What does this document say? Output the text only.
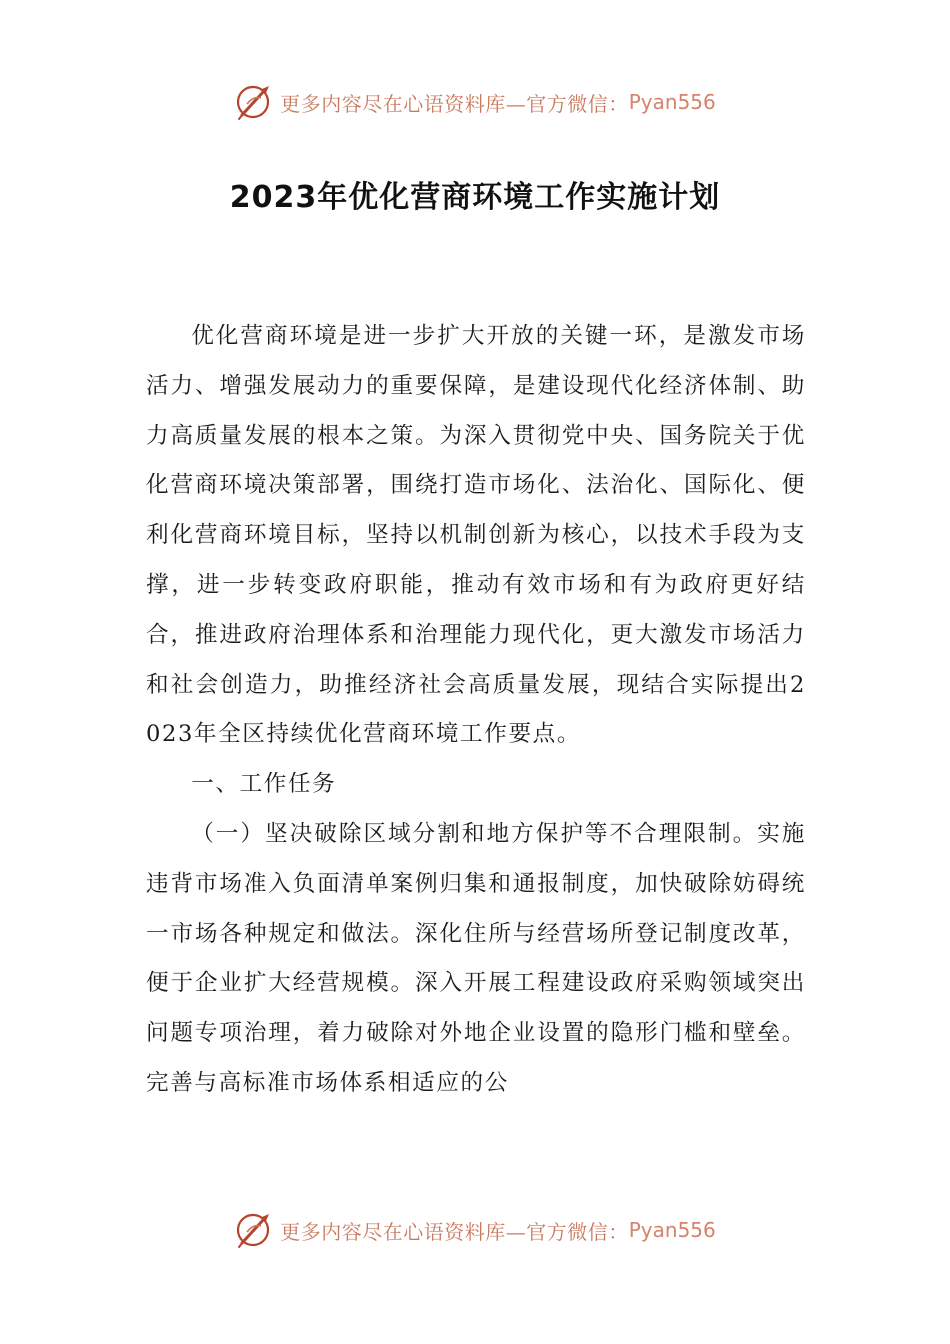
更多内容尽在心语资料库—官方微信： Pyan556
2023年优化营商环境工作实施计划

优化营商环境是进一步扩大开放的关键一环，是激发市场活力、增强发展动力的重要保障，是建设现代化经济体制、助力高质量发展的根本之策。为深入贯彻党中央、国务院关于优化营商环境决策部署，围绕打造市场化、法治化、国际化、便利化营商环境目标，坚持以机制创新为核心，以技术手段为支撑，进一步转变政府职能，推动有效市场和有为政府更好结合，推进政府治理体系和治理能力现代化，更大激发市场活力和社会创造力，助推经济社会高质量发展，现结合实际提出2023年全区持续优化营商环境工作要点。

一、工作任务

（一）坚决破除区域分割和地方保护等不合理限制。实施违背市场准入负面清单案例归集和通报制度，加快破除妨碍统一市场各种规定和做法。深化住所与经营场所登记制度改革，便于企业扩大经营规模。深入开展工程建设政府采购领域突出问题专项治理，着力破除对外地企业设置的隐形门槛和壁垒。完善与高标准市场体系相适应的公

更多内容尽在心语资料库—官方微信： Pyan556
